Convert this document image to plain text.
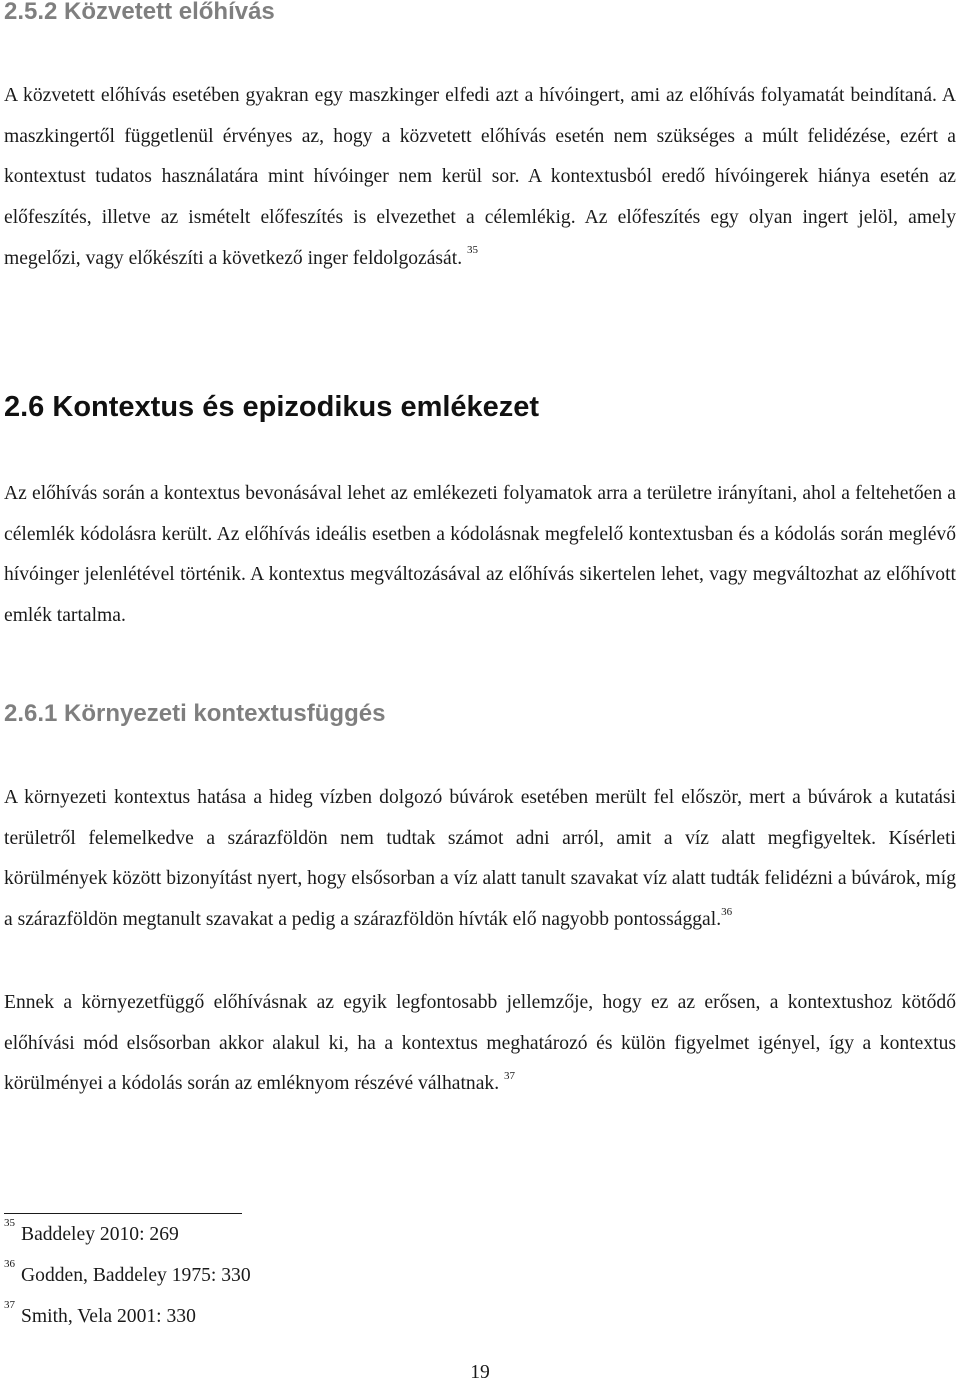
2.5.2 Közvetett előhívás

A közvetett előhívás esetében gyakran egy maszkinger elfedi azt a hívóingert, ami az előhívás folyamatát beindítaná. A maszkingertől függetlenül érvényes az, hogy a közvetett előhívás esetén nem szükséges a múlt felidézése, ezért a kontextust tudatos használatára mint hívóinger nem kerül sor. A kontextusból eredő hívóingerek hiánya esetén az előfeszítés, illetve az ismételt előfeszítés is elvezethet a célemlékig. Az előfeszítés egy olyan ingert jelöl, amely megelőzi, vagy előkészíti a következő inger feldolgozását. $^{35}$

2.6 Kontextus és epizodikus emlékezet

Az előhívás során a kontextus bevonásával lehet az emlékezeti folyamatok arra a területre irányítani, ahol a feltehetően a célemlék kódolásra került. Az előhívás ideális esetben a kódolásnak megfelelő kontextusban és a kódolás során meglévő hívóinger jelenlétével történik. A kontextus megváltozásával az előhívás sikertelen lehet, vagy megváltozhat az előhívott emlék tartalma.

2.6.1 Környezeti kontextusfüggés

A környezeti kontextus hatása a hideg vízben dolgozó búvárok esetében merült fel először, mert a búvárok a kutatási területről felemelkedve a szárazföldön nem tudtak számot adni arról, amit a víz alatt megfigyeltek. Kísérleti körülmények között bizonyítást nyert, hogy elsősorban a víz alatt tanult szavakat víz alatt tudták felidézni a búvárok, míg a szárazföldön megtanult szavakat a pedig a szárazföldön hívták elő nagyobb pontossággal.$^{36}$

Ennek a környezetfüggő előhívásnak az egyik legfontosabb jellemzője, hogy ez az erősen, a kontextushoz kötődő előhívási mód elsősorban akkor alakul ki, ha a kontextus meghatározó és külön figyelmet igényel, így a kontextus körülményei a kódolás során az emléknyom részévé válhatnak. $^{37}$

$^{35}$Baddeley 2010: 269

$^{36}$Godden, Baddeley 1975: 330

$^{37}$Smith, Vela 2001: 330

19
